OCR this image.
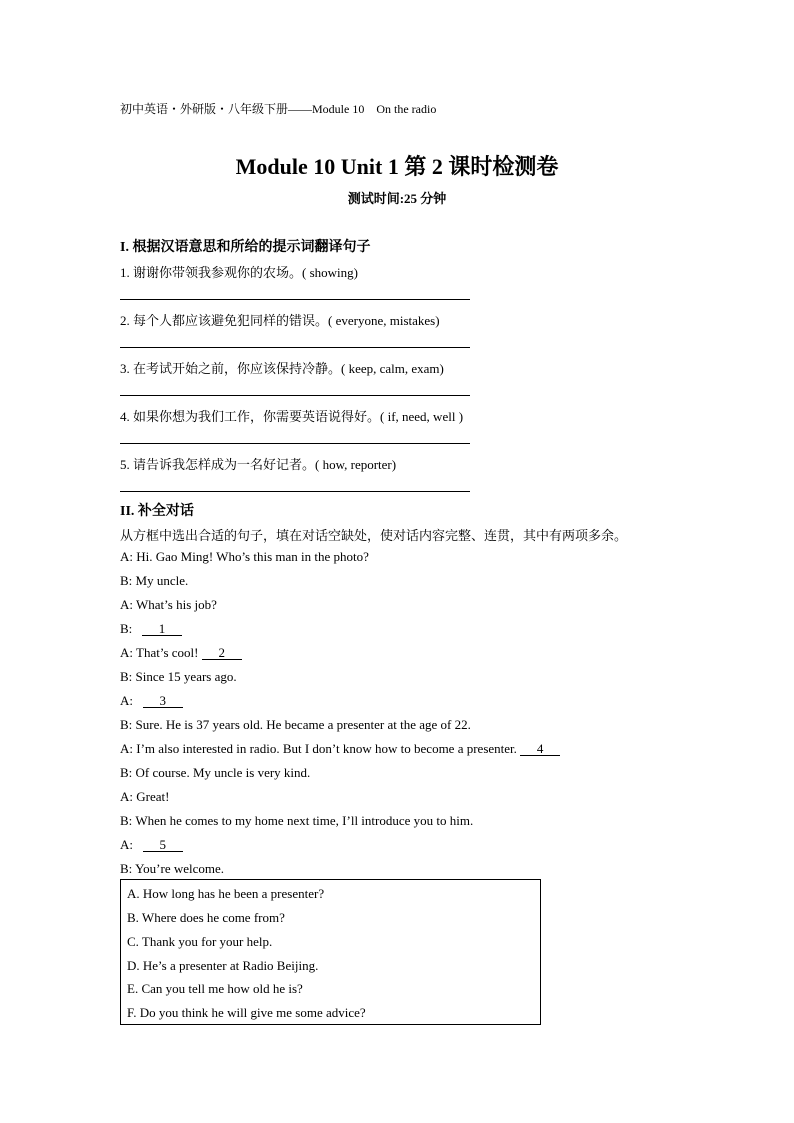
初中英语・外研版・八年级下册——Module 10　On the radio
Module 10 Unit 1 第 2 课时检测卷
测试时间:25 分钟
I. 根据汉语意思和所给的提示词翻译句子
1. 谢谢你带领我参观你的农场。( showing)
2. 每个人都应该避免犯同样的错误。( everyone, mistakes)
3. 在考试开始之前，你应该保持冷静。( keep, calm, exam)
4. 如果你想为我们工作，你需要英语说得好。( if, need, well )
5. 请告诉我怎样成为一名好记者。( how, reporter)
II. 补全对话
从方框中选出合适的句子，填在对话空缺处，使对话内容完整、连贯，其中有两项多余。
A: Hi. Gao Ming! Who’s this man in the photo?
B: My uncle.
A: What’s his job?
B: 1
A: That’s cool! 2
B: Since 15 years ago.
A: 3
B: Sure. He is 37 years old. He became a presenter at the age of 22.
A: I’m also interested in radio. But I don’t know how to become a presenter. 4
B: Of course. My uncle is very kind.
A: Great!
B: When he comes to my home next time, I’ll introduce you to him.
A: 5
B: You’re welcome.
A. How long has he been a presenter?
B. Where does he come from?
C. Thank you for your help.
D. He’s a presenter at Radio Beijing.
E. Can you tell me how old he is?
F. Do you think he will give me some advice?
